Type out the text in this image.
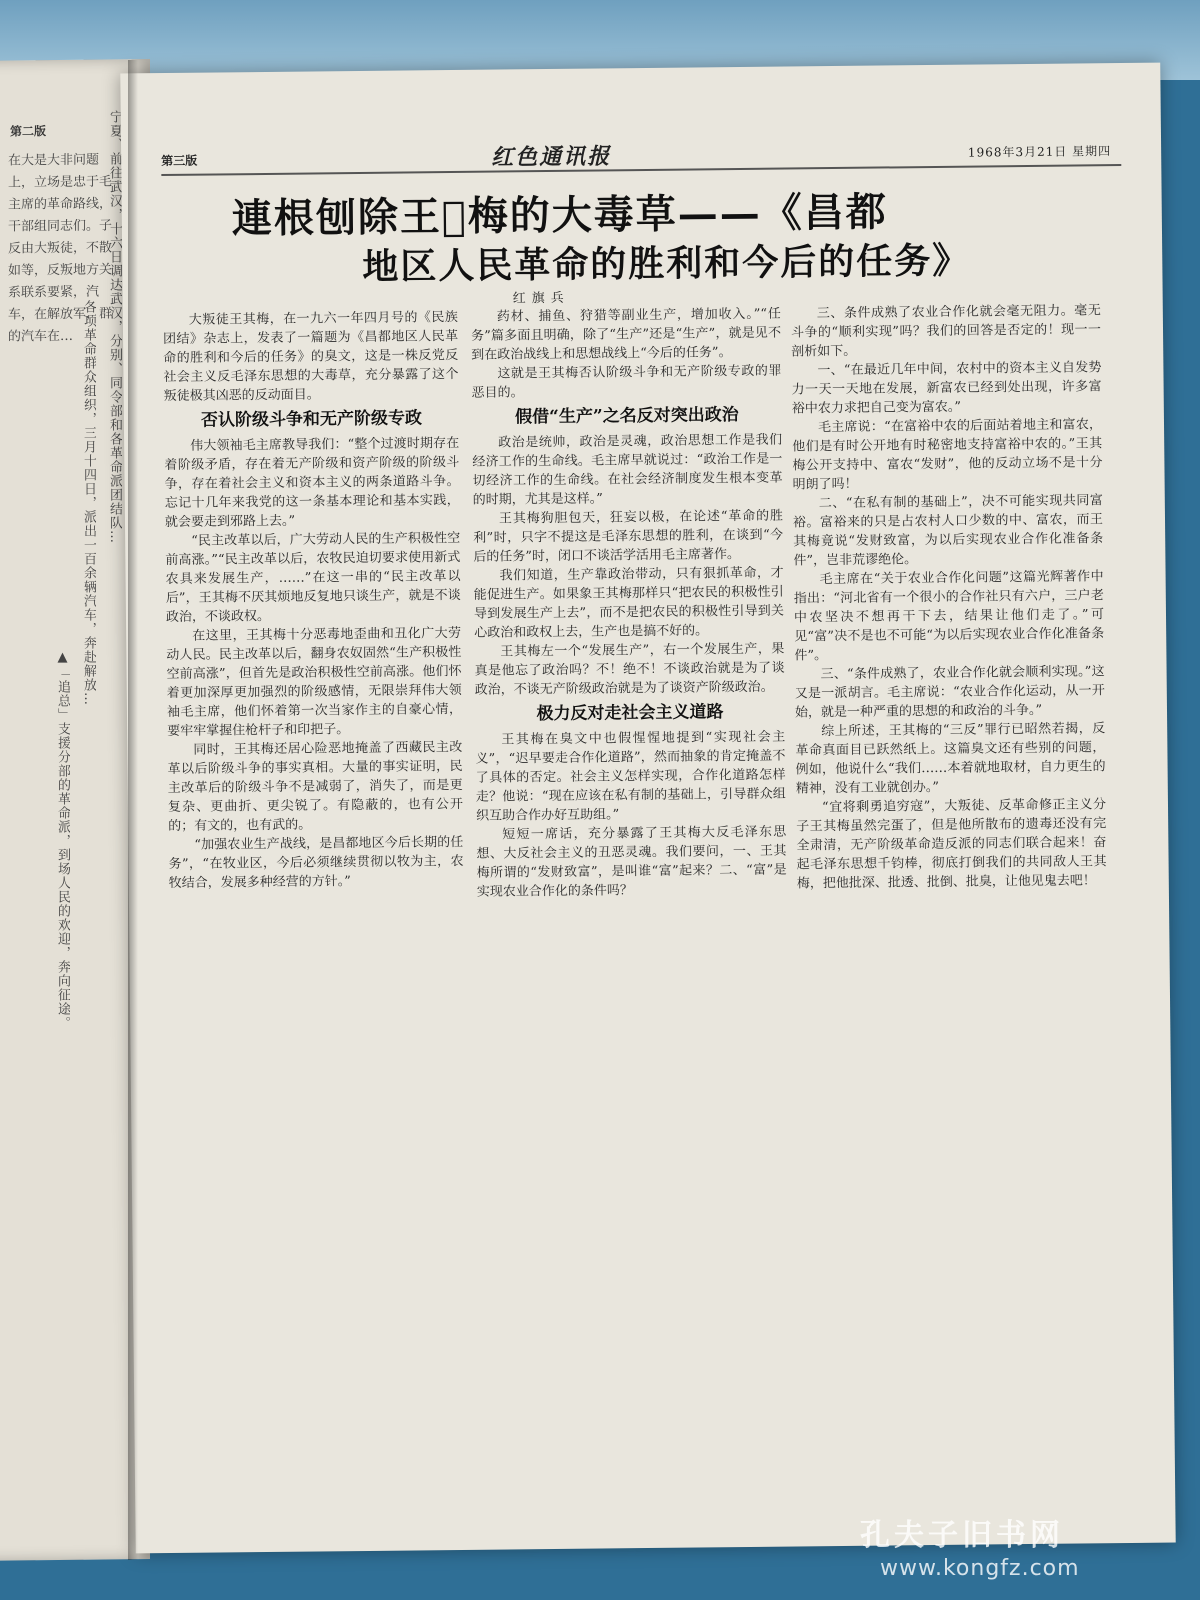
第二版
在大是大非问题上，立场是忠于毛主席的革命路线，干部组同志们。子反由大叛徒，不散如等，反叛地方关系联系要紧，汽车，在解放军，群的汽车在…	宁夏、前往武汉，十六日调达武汉，分别、同令部和各革命派团结队…
各项革命群众组织，三月十四日，派出一百余辆汽车，奔赴解放…
▲「追总」支援分部的革命派，到场人民的欢迎，奔向征途。
第三版	红色通讯报	1968年3月21日 星期四
連根刨除王𡙞梅的大毒草——《昌都
地区人民革命的胜利和今后的任务》
红旗兵

大叛徒王其梅，在一九六一年四月号的《民族团结》杂志上，发表了一篇题为《昌都地区人民革命的胜利和今后的任务》的臭文，这是一株反党反社会主义反毛泽东思想的大毒草，充分暴露了这个叛徒极其凶恶的反动面目。

否认阶级斗争和无产阶级专政

伟大领袖毛主席教导我们：“整个过渡时期存在着阶级矛盾，存在着无产阶级和资产阶级的阶级斗争，存在着社会主义和资本主义的两条道路斗争。忘记十几年来我党的这一条基本理论和基本实践，就会要走到邪路上去。”

“民主改革以后，广大劳动人民的生产积极性空前高涨。”“民主改革以后，农牧民迫切要求使用新式农具来发展生产，……”在这一串的“民主改革以后”，王其梅不厌其烦地反复地只谈生产，就是不谈政治，不谈政权。

在这里，王其梅十分恶毒地歪曲和丑化广大劳动人民。民主改革以后，翻身农奴固然“生产积极性空前高涨”，但首先是政治积极性空前高涨。他们怀着更加深厚更加强烈的阶级感情，无限崇拜伟大领袖毛主席，他们怀着第一次当家作主的自豪心情，要牢牢掌握住枪杆子和印把子。

同时，王其梅还居心险恶地掩盖了西藏民主改革以后阶级斗争的事实真相。大量的事实证明，民主改革后的阶级斗争不是减弱了，消失了，而是更复杂、更曲折、更尖锐了。有隐蔽的，也有公开的；有文的，也有武的。

“加强农业生产战线，是昌都地区今后长期的任务”，“在牧业区，今后必须继续贯彻以牧为主，农牧结合，发展多种经营的方针。”

药材、捕鱼、狩猎等副业生产，增加收入。”“任务”篇多面且明确，除了“生产”还是“生产”，就是见不到在政治战线上和思想战线上“今后的任务”。

这就是王其梅否认阶级斗争和无产阶级专政的罪恶目的。

假借“生产”之名反对突出政治

政治是统帅，政治是灵魂，政治思想工作是我们经济工作的生命线。毛主席早就说过：“政治工作是一切经济工作的生命线。在社会经济制度发生根本变革的时期，尤其是这样。”

王其梅狗胆包天，狂妄以极，在论述“革命的胜利”时，只字不提这是毛泽东思想的胜利，在谈到“今后的任务”时，闭口不谈活学活用毛主席著作。

我们知道，生产靠政治带动，只有狠抓革命，才能促进生产。如果象王其梅那样只“把农民的积极性引导到发展生产上去”，而不是把农民的积极性引导到关心政治和政权上去，生产也是搞不好的。

王其梅左一个“发展生产”，右一个发展生产，果真是他忘了政治吗？不！绝不！不谈政治就是为了谈政治，不谈无产阶级政治就是为了谈资产阶级政治。

极力反对走社会主义道路

王其梅在臭文中也假惺惺地提到“实现社会主义”，“迟早要走合作化道路”，然而抽象的肯定掩盖不了具体的否定。社会主义怎样实现，合作化道路怎样走？他说：“现在应该在私有制的基础上，引导群众组织互助合作办好互助组。”

短短一席话，充分暴露了王其梅大反毛泽东思想、大反社会主义的丑恶灵魂。我们要问，一、王其梅所谓的“发财致富”，是叫谁“富”起来？二、“富”是实现农业合作化的条件吗？

三、条件成熟了农业合作化就会毫无阻力。毫无斗争的“顺利实现”吗？我们的回答是否定的！现一一剖析如下。

一、“在最近几年中间，农村中的资本主义自发势力一天一天地在发展，新富农已经到处出现，许多富裕中农力求把自己变为富农。”

毛主席说：“在富裕中农的后面站着地主和富农，他们是有时公开地有时秘密地支持富裕中农的。”王其梅公开支持中、富农“发财”，他的反动立场不是十分明朗了吗！

二、“在私有制的基础上”，决不可能实现共同富裕。富裕来的只是占农村人口少数的中、富农，而王其梅竟说“发财致富，为以后实现农业合作化准备条件”，岂非荒谬绝伦。

毛主席在“关于农业合作化问题”这篇光辉著作中指出：“河北省有一个很小的合作社只有六户，三户老中农坚决不想再干下去，结果让他们走了。”可见“富”决不是也不可能“为以后实现农业合作化准备条件”。

三、“条件成熟了，农业合作化就会顺利实现。”这又是一派胡言。毛主席说：“农业合作化运动，从一开始，就是一种严重的思想的和政治的斗争。”

综上所述，王其梅的“三反”罪行已昭然若揭，反革命真面目已跃然纸上。这篇臭文还有些别的问题，例如，他说什么“我们……本着就地取材，自力更生的精神，没有工业就创办。”

“宜将剩勇追穷寇”，大叛徒、反革命修正主义分子王其梅虽然完蛋了，但是他所散布的遗毒还没有完全肃清，无产阶级革命造反派的同志们联合起来！奋起毛泽东思想千钧棒，彻底打倒我们的共同敌人王其梅，把他批深、批透、批倒、批臭，让他见鬼去吧！

孔夫子旧书网
www.kongfz.com
